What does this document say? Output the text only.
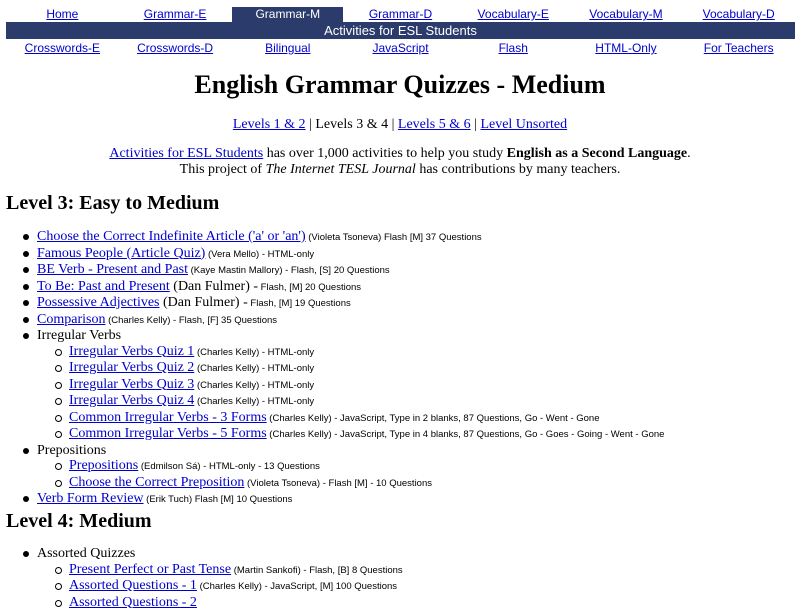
Home	Grammar-E	Grammar-M	Grammar-D	Vocabulary-E	Vocabulary-M	Vocabulary-D
Activities for ESL Students
Crosswords-E	Crosswords-D	Bilingual	JavaScript	Flash	HTML-Only	For Teachers
English Grammar Quizzes - Medium
Levels 1 & 2 | Levels 3 & 4 | Levels 5 & 6 | Level Unsorted
Activities for ESL Students has over 1,000 activities to help you study English as a Second Language.
This project of The Internet TESL Journal has contributions by many teachers.
Level 3: Easy to Medium
Choose the Correct Indefinite Article ('a' or 'an') (Violeta Tsoneva) Flash [M] 37 Questions
Famous People (Article Quiz) (Vera Mello) - HTML-only
BE Verb - Present and Past (Kaye Mastin Mallory) - Flash, [S] 20 Questions
To Be: Past and Present (Dan Fulmer) - Flash, [M] 20 Questions
Possessive Adjectives (Dan Fulmer) - Flash, [M] 19 Questions
Comparison (Charles Kelly) - Flash, [F] 35 Questions
Irregular Verbs
Irregular Verbs Quiz 1 (Charles Kelly) - HTML-only
Irregular Verbs Quiz 2 (Charles Kelly) - HTML-only
Irregular Verbs Quiz 3 (Charles Kelly) - HTML-only
Irregular Verbs Quiz 4 (Charles Kelly) - HTML-only
Common Irregular Verbs - 3 Forms (Charles Kelly) - JavaScript, Type in 2 blanks, 87 Questions, Go - Went - Gone
Common Irregular Verbs - 5 Forms (Charles Kelly) - JavaScript, Type in 4 blanks, 87 Questions, Go - Goes - Going - Went - Gone
Prepositions
Prepositions (Edmilson Sá) - HTML-only - 13 Questions
Choose the Correct Preposition (Violeta Tsoneva) - Flash [M] - 10 Questions
Verb Form Review (Erik Tuch) Flash [M] 10 Questions
Level 4: Medium
Assorted Quizzes
Present Perfect or Past Tense (Martin Sankofi) - Flash, [B] 8 Questions
Assorted Questions - 1 (Charles Kelly) - JavaScript, [M] 100 Questions
Assorted Questions - 2
